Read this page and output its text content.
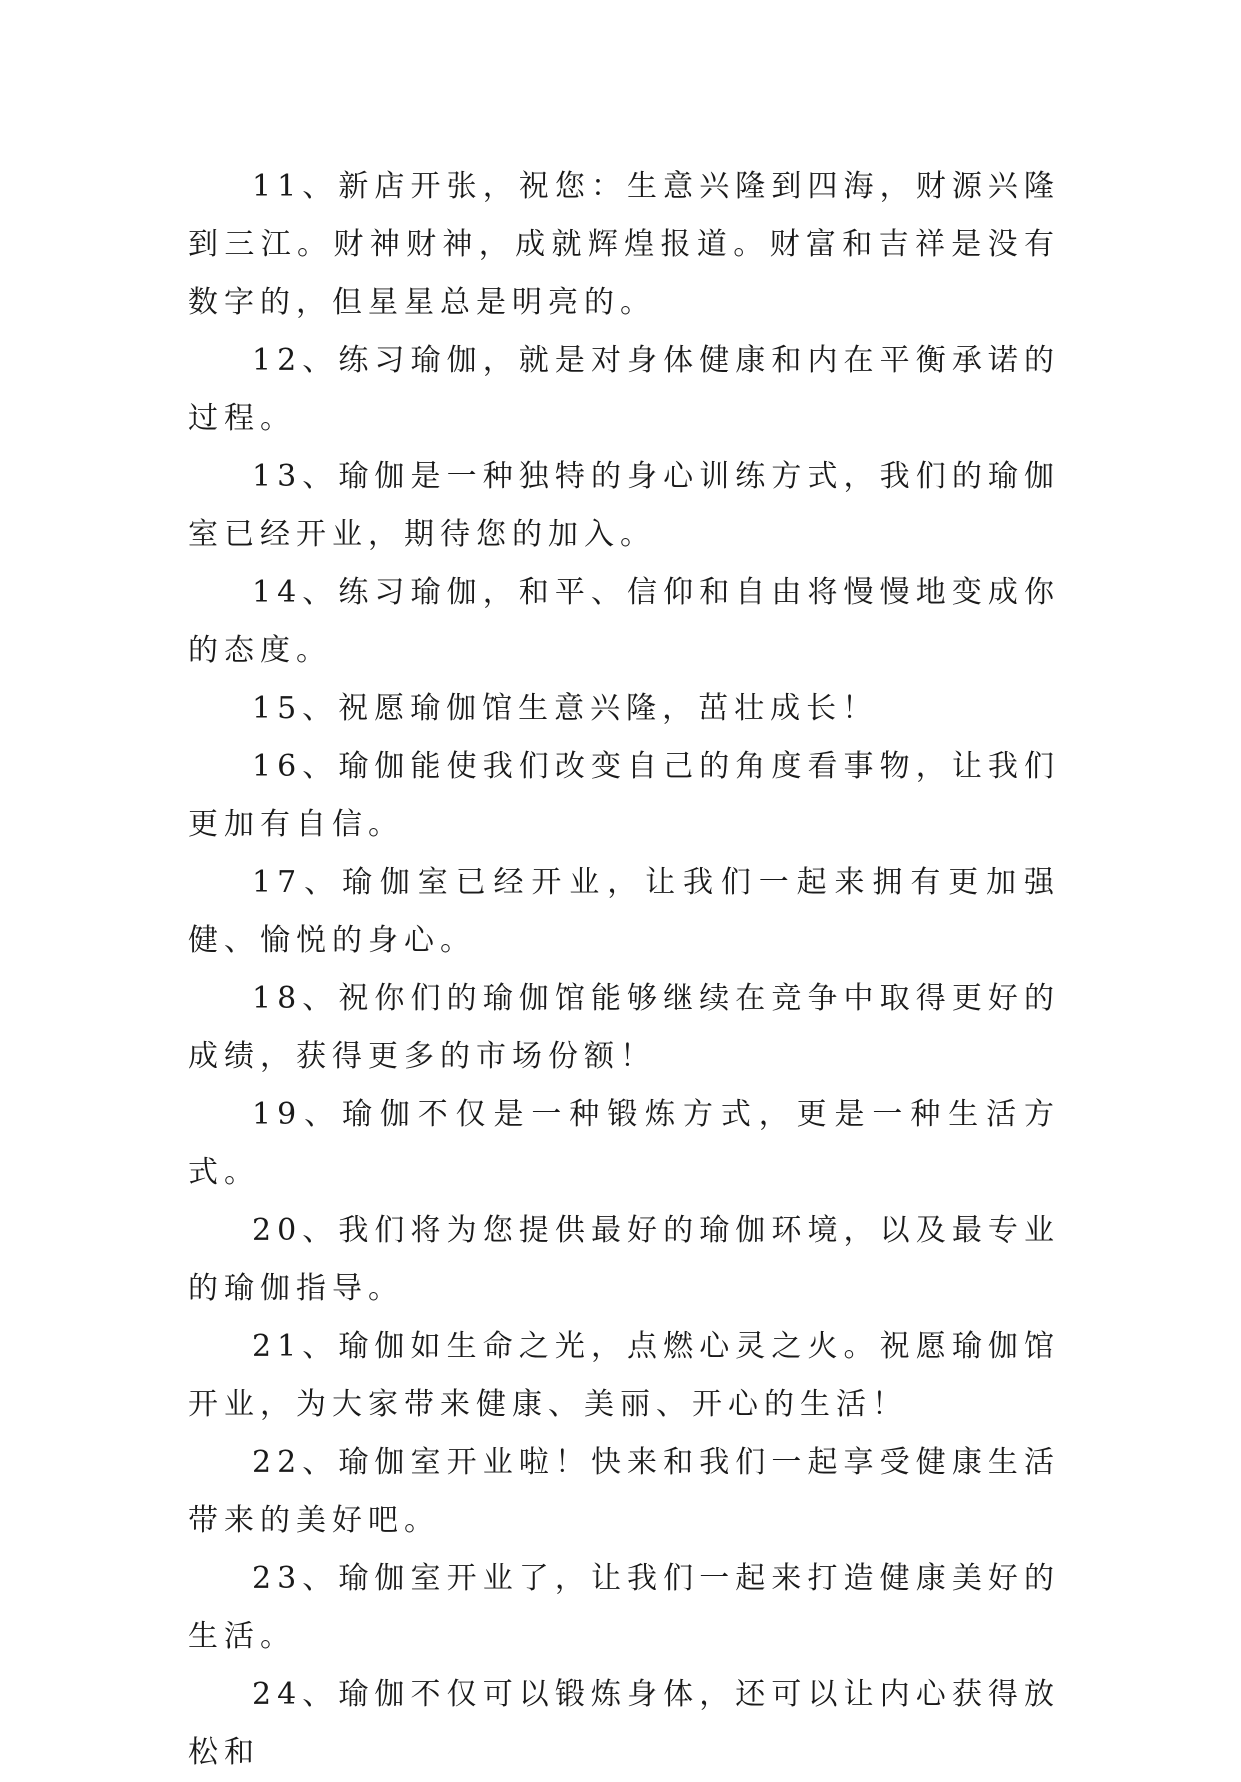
11、新店开张，祝您：生意兴隆到四海，财源兴隆到三江。财神财神，成就辉煌报道。财富和吉祥是没有数字的，但星星总是明亮的。

12、练习瑜伽，就是对身体健康和内在平衡承诺的过程。

13、瑜伽是一种独特的身心训练方式，我们的瑜伽室已经开业，期待您的加入。

14、练习瑜伽，和平、信仰和自由将慢慢地变成你的态度。

15、祝愿瑜伽馆生意兴隆，茁壮成长！

16、瑜伽能使我们改变自己的角度看事物，让我们更加有自信。

17、瑜伽室已经开业，让我们一起来拥有更加强健、愉悦的身心。

18、祝你们的瑜伽馆能够继续在竞争中取得更好的成绩，获得更多的市场份额！

19、瑜伽不仅是一种锻炼方式，更是一种生活方式。

20、我们将为您提供最好的瑜伽环境，以及最专业的瑜伽指导。

21、瑜伽如生命之光，点燃心灵之火。祝愿瑜伽馆开业，为大家带来健康、美丽、开心的生活！

22、瑜伽室开业啦！快来和我们一起享受健康生活带来的美好吧。

23、瑜伽室开业了，让我们一起来打造健康美好的生活。

24、瑜伽不仅可以锻炼身体，还可以让内心获得放松和
